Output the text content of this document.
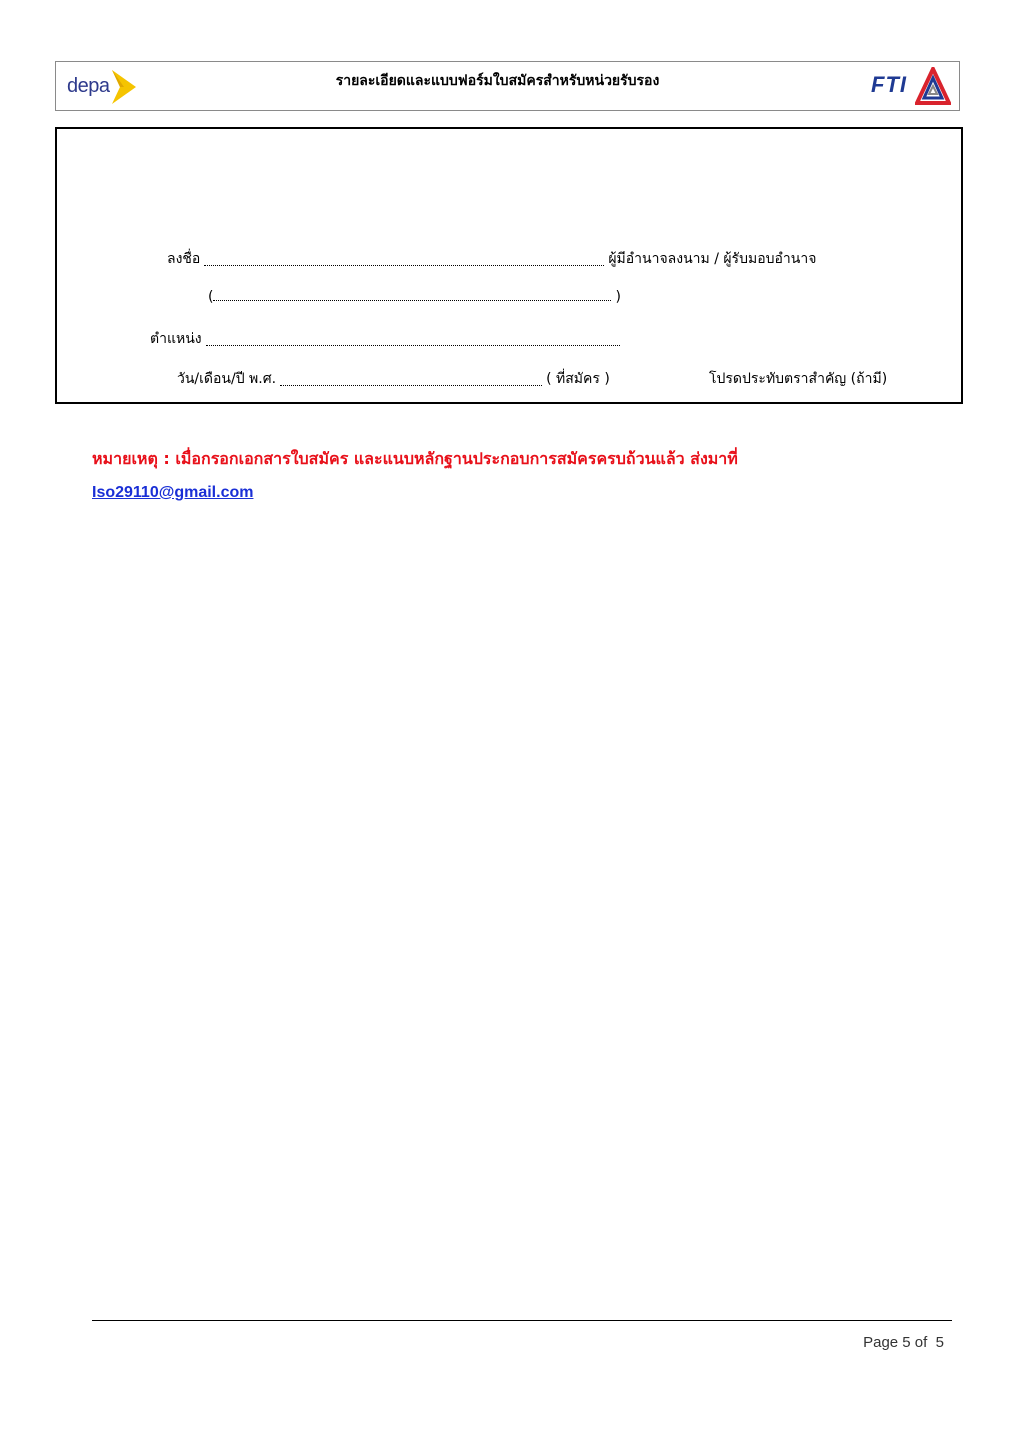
depa	รายละเอียดและแบบฟอร์มใบสมัครสำหรับหน่วยรับรอง	FTI
ลงชื่อ	ผู้มีอำนาจลงนาม / ผู้รับมอบอำนาจ
(	)
ตำแหน่ง
วัน/เดือน/ปี พ.ศ.	( ที่สมัคร )	โปรดประทับตราสำคัญ (ถ้ามี)
หมายเหตุ : เมื่อกรอกเอกสารใบสมัคร และแนบหลักฐานประกอบการสมัครครบถ้วนแล้ว ส่งมาที่
Iso29110@gmail.com
Page 5 of  5
